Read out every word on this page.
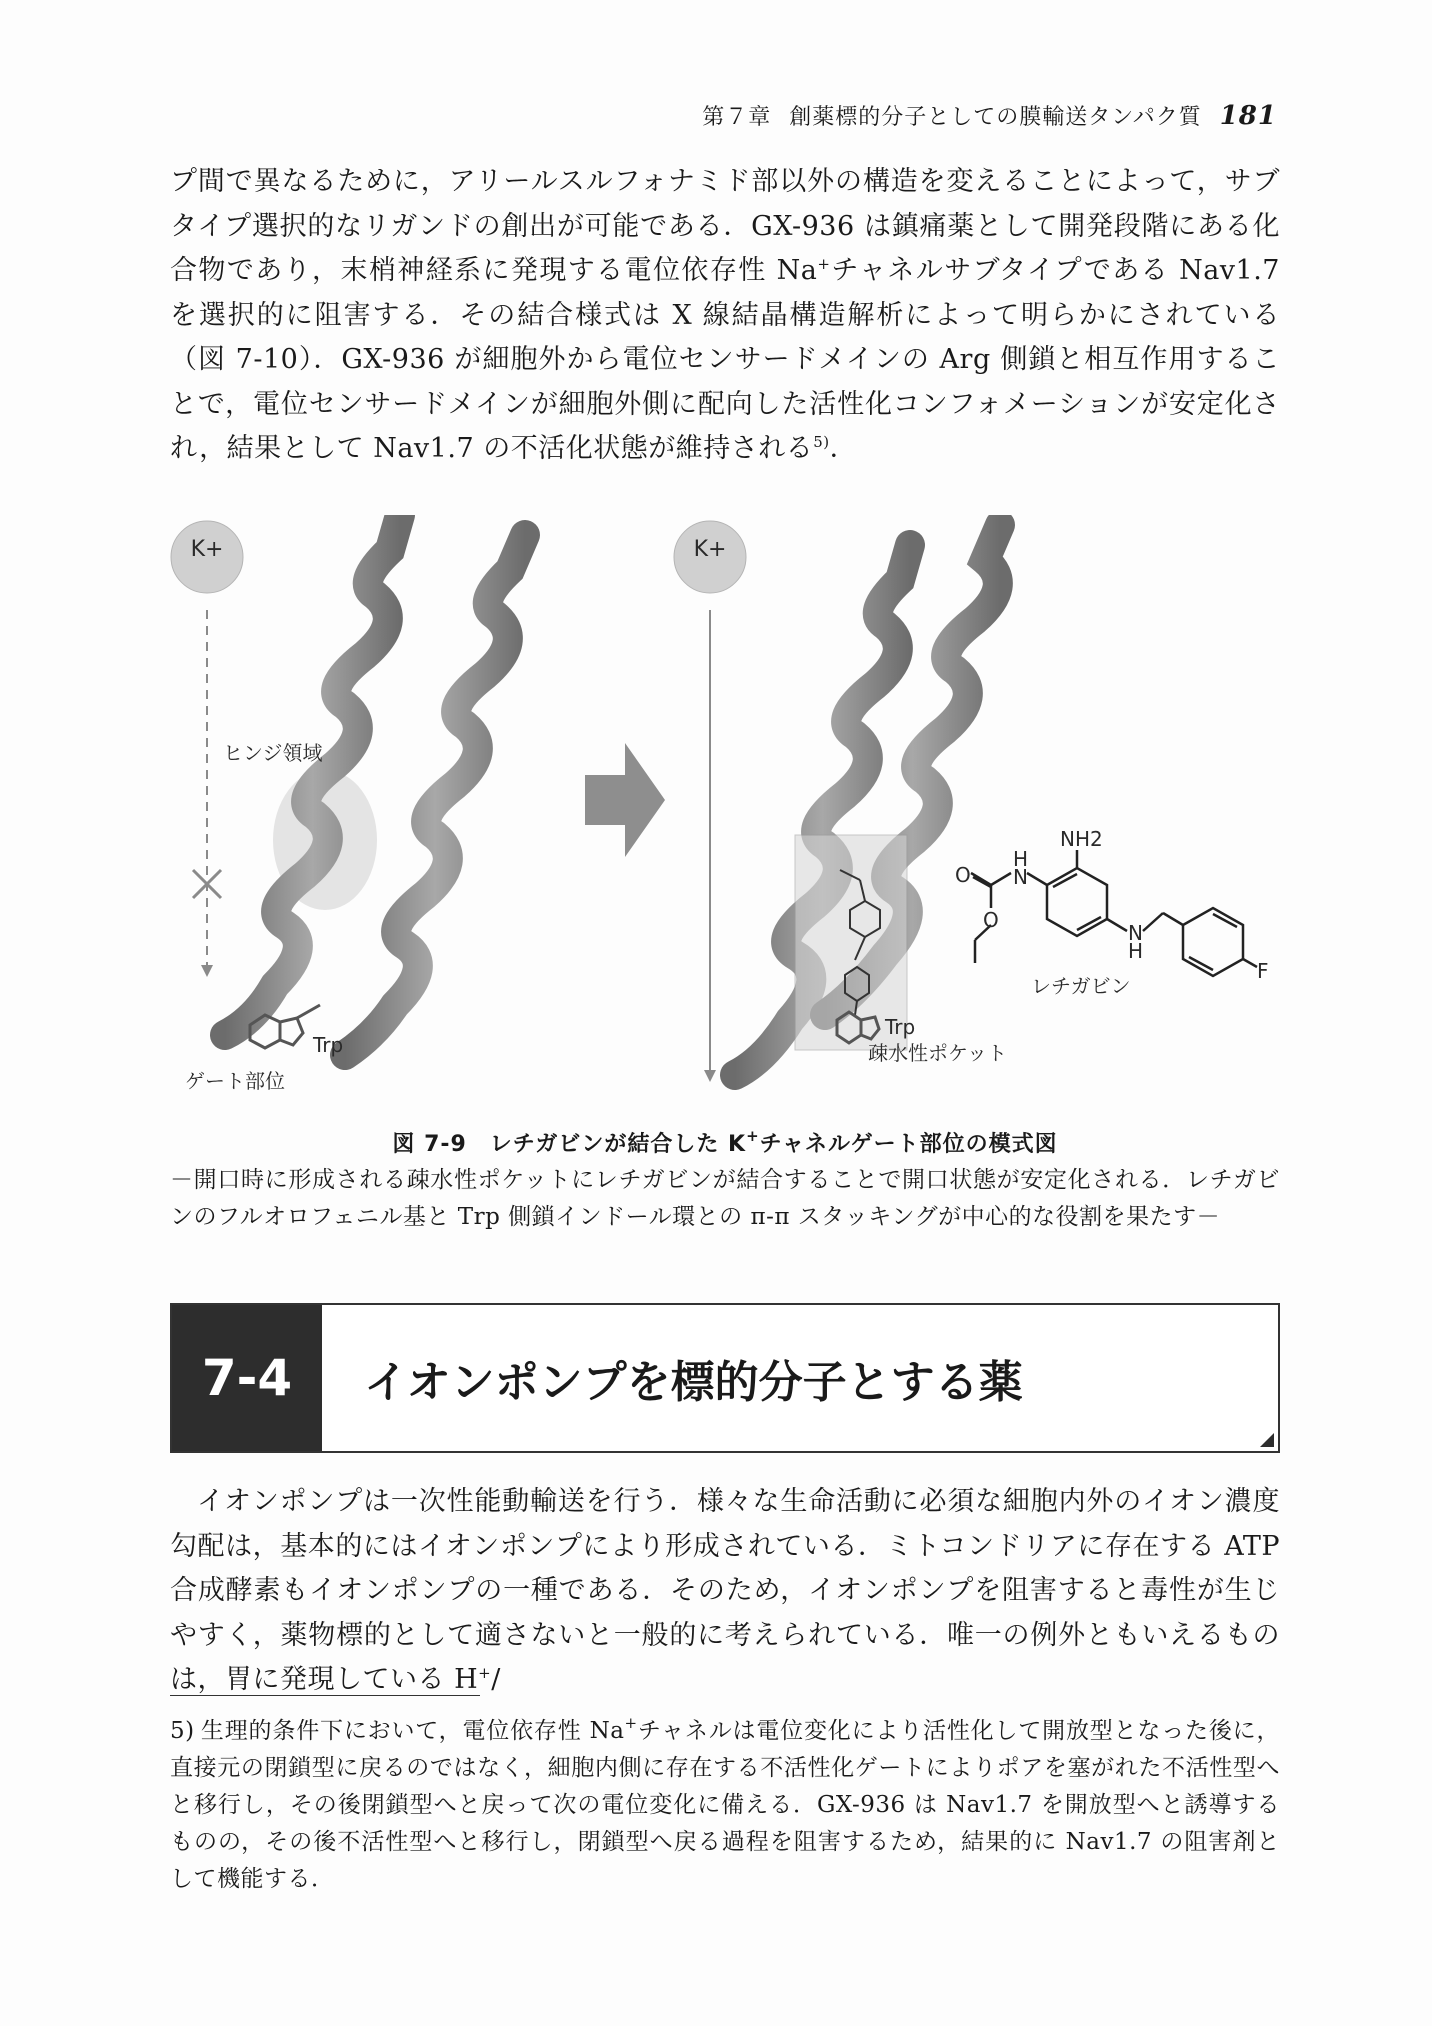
第７章 創薬標的分子としての膜輸送タンパク質 181

プ間で異なるために，アリールスルフォナミド部以外の構造を変えることによって，サブタイプ選択的なリガンドの創出が可能である．GX-936 は鎮痛薬として開発段階にある化合物であり，末梢神経系に発現する電位依存性 Na+チャネルサブタイプである Nav1.7 を選択的に阻害する．その結合様式は X 線結晶構造解析によって明らかにされている（図 7-10）．GX-936 が細胞外から電位センサードメインの Arg 側鎖と相互作用することで，電位センサードメインが細胞外側に配向した活性化コンフォメーションが安定化され，結果として Nav1.7 の不活化状態が維持される$^{5)}$．

K+	K+
ヒンジ領域
ゲート部位
Trp
Trp
疎水性ポケット
レチガビン
NH2
H
N
O
O
N
H
F
図 7-9　レチガビンが結合した K+チャネルゲート部位の模式図
－開口時に形成される疎水性ポケットにレチガビンが結合することで開口状態が安定化される．レチガビンのフルオロフェニル基と Trp 側鎖インドール環との π-π スタッキングが中心的な役割を果たす－
7-4	イオンポンプを標的分子とする薬

イオンポンプは一次性能動輸送を行う．様々な生命活動に必須な細胞内外のイオン濃度勾配は，基本的にはイオンポンプにより形成されている．ミトコンドリアに存在する ATP 合成酵素もイオンポンプの一種である．そのため，イオンポンプを阻害すると毒性が生じやすく，薬物標的として適さないと一般的に考えられている．唯一の例外ともいえるものは，胃に発現している H+/

5) 生理的条件下において，電位依存性 Na+チャネルは電位変化により活性化して開放型となった後に，直接元の閉鎖型に戻るのではなく，細胞内側に存在する不活性化ゲートによりポアを塞がれた不活性型へと移行し，その後閉鎖型へと戻って次の電位変化に備える．GX-936 は Nav1.7 を開放型へと誘導するものの，その後不活性型へと移行し，閉鎖型へ戻る過程を阻害するため，結果的に Nav1.7 の阻害剤として機能する．
